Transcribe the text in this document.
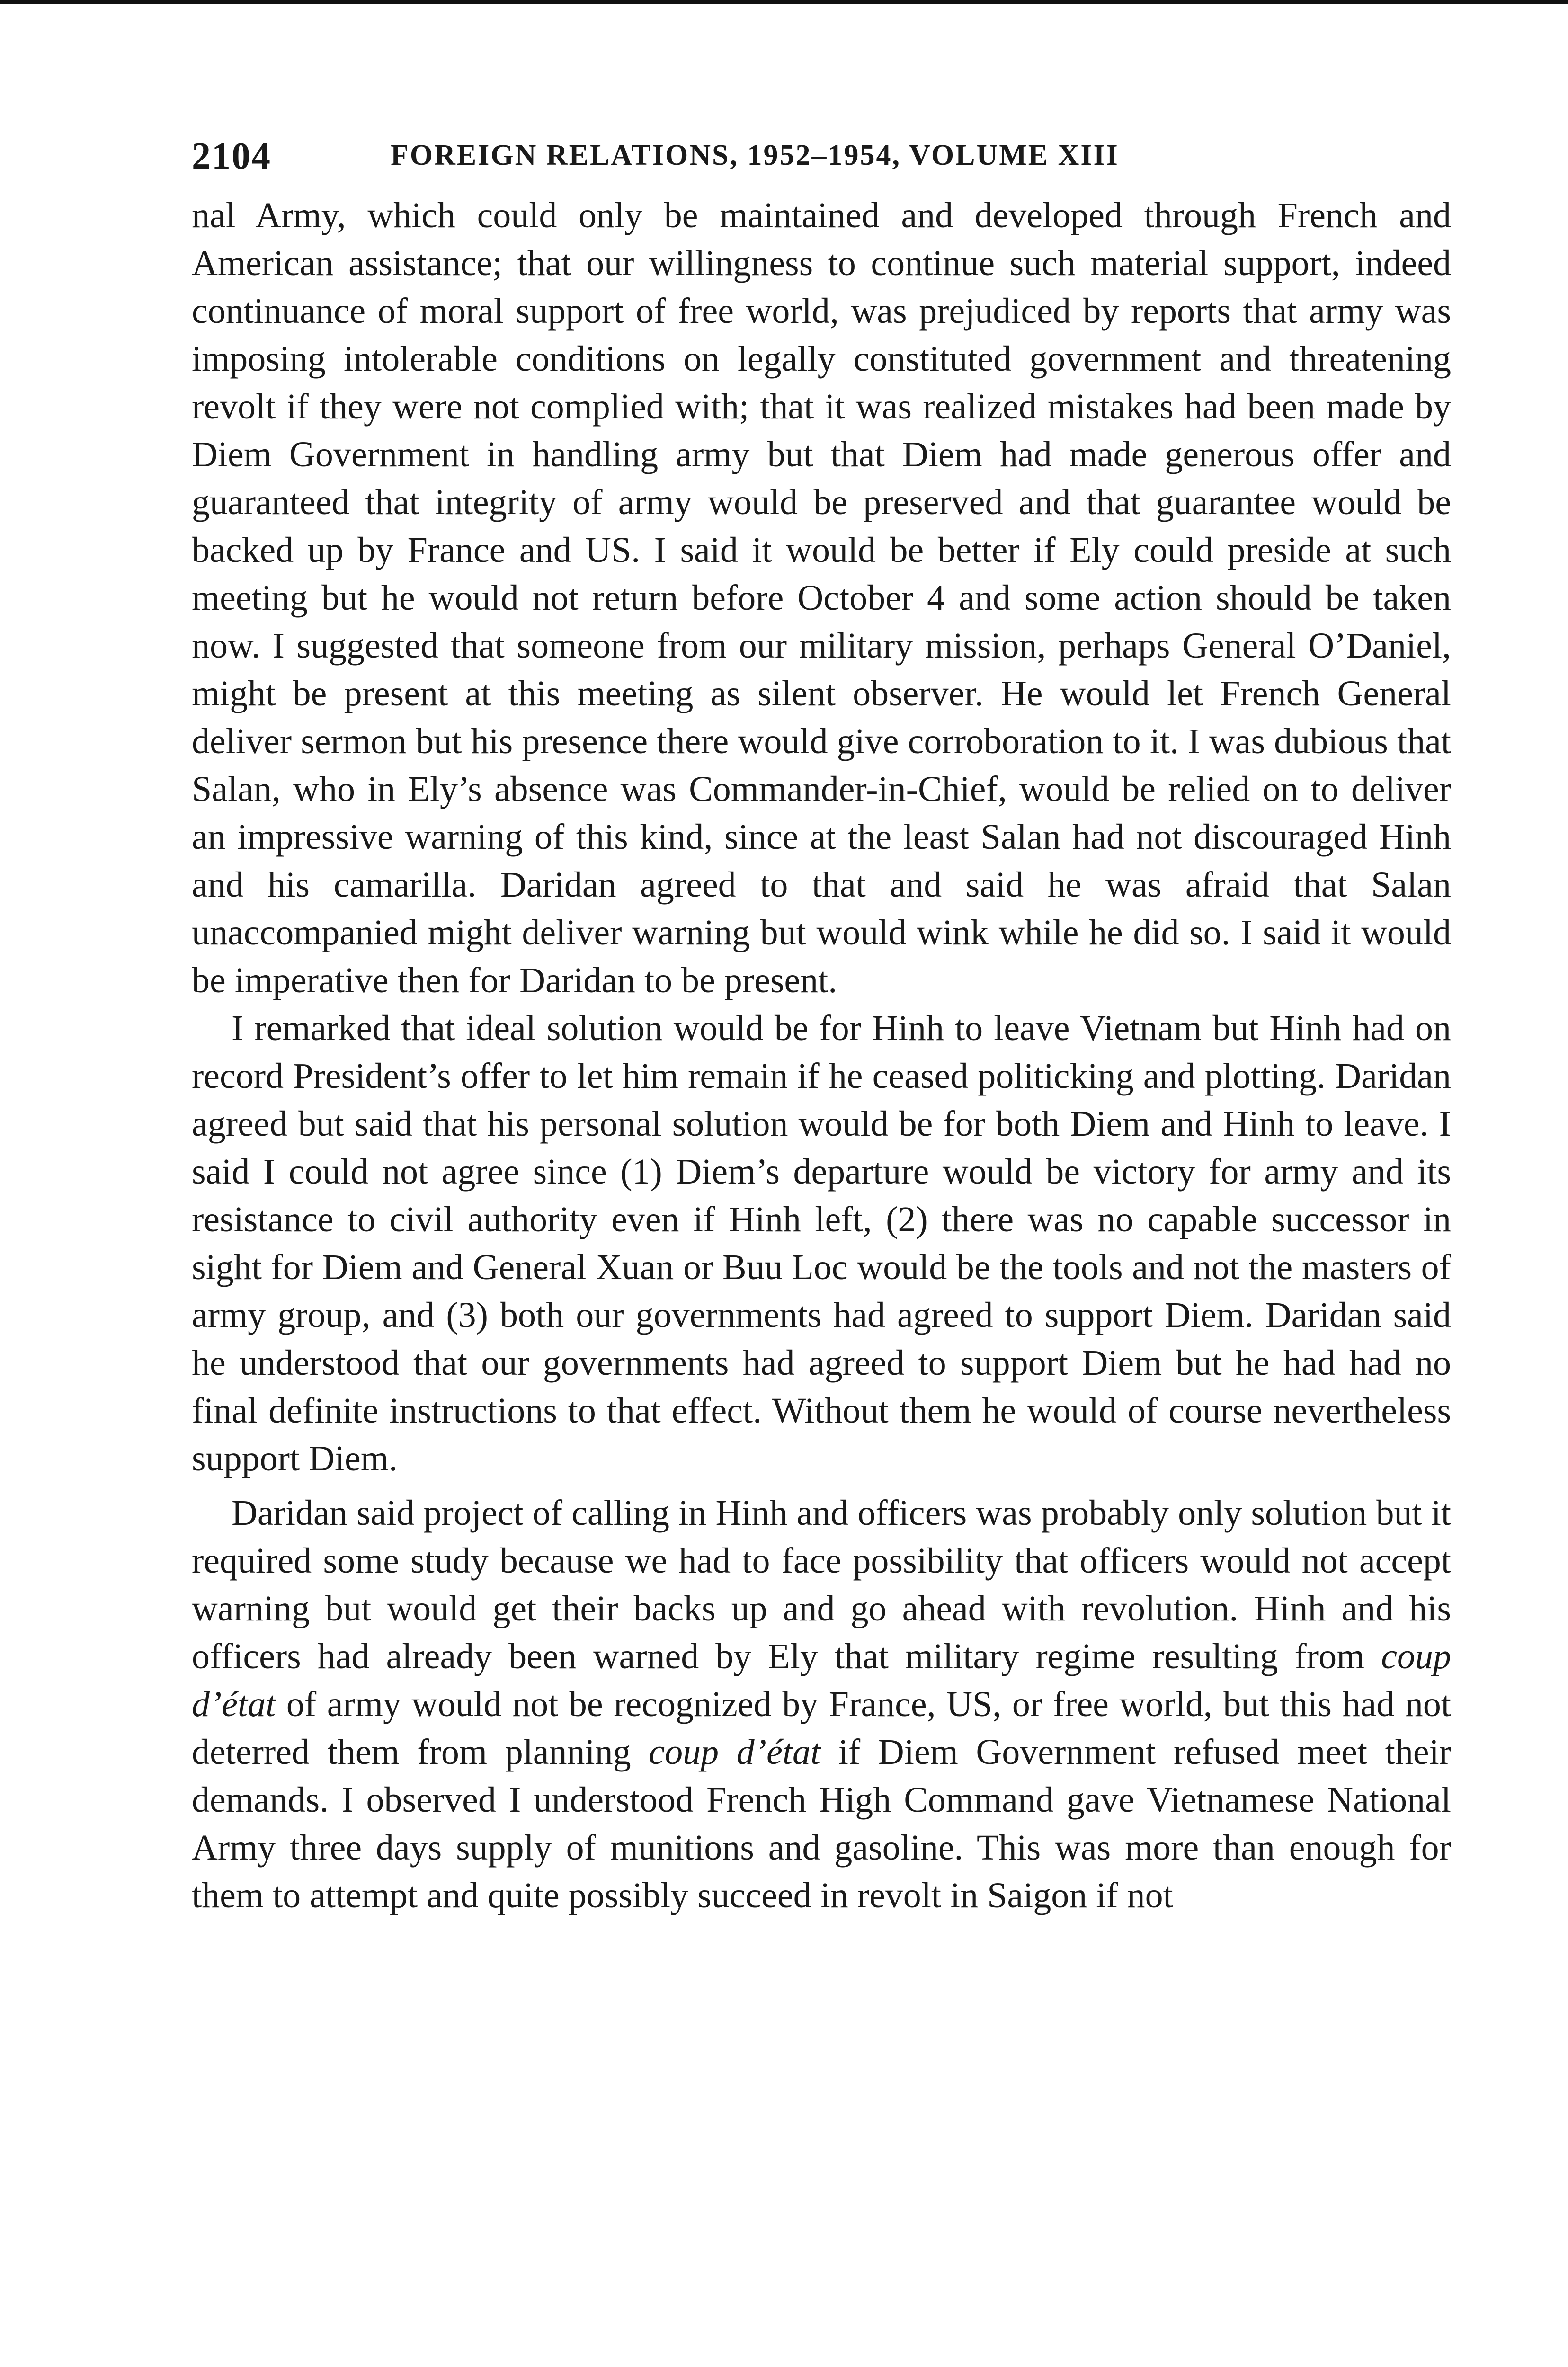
2104	FOREIGN RELATIONS, 1952–1954, VOLUME XIII

nal Army, which could only be maintained and developed through French and American assistance; that our willingness to continue such material support, indeed continuance of moral support of free world, was prejudiced by reports that army was imposing intolerable conditions on legally constituted government and threatening revolt if they were not complied with; that it was realized mistakes had been made by Diem Government in handling army but that Diem had made generous offer and guaranteed that integrity of army would be preserved and that guarantee would be backed up by France and US. I said it would be better if Ely could preside at such meeting but he would not return before October 4 and some action should be taken now. I suggested that someone from our military mission, perhaps General O’Daniel, might be present at this meeting as silent observer. He would let French General deliver sermon but his presence there would give corroboration to it. I was dubious that Salan, who in Ely’s absence was Commander-in-Chief, would be relied on to deliver an impressive warning of this kind, since at the least Salan had not discouraged Hinh and his camarilla. Daridan agreed to that and said he was afraid that Salan unaccompanied might deliver warning but would wink while he did so. I said it would be imperative then for Daridan to be present.

I remarked that ideal solution would be for Hinh to leave Vietnam but Hinh had on record President’s offer to let him remain if he ceased politicking and plotting. Daridan agreed but said that his personal solution would be for both Diem and Hinh to leave. I said I could not agree since (1) Diem’s departure would be victory for army and its resistance to civil authority even if Hinh left, (2) there was no capable successor in sight for Diem and General Xuan or Buu Loc would be the tools and not the masters of army group, and (3) both our governments had agreed to support Diem. Daridan said he understood that our governments had agreed to support Diem but he had had no final definite instructions to that effect. Without them he would of course nevertheless support Diem.

Daridan said project of calling in Hinh and officers was probably only solution but it required some study because we had to face possibility that officers would not accept warning but would get their backs up and go ahead with revolution. Hinh and his officers had already been warned by Ely that military regime resulting from coup d’état of army would not be recognized by France, US, or free world, but this had not deterred them from planning coup d’état if Diem Government refused meet their demands. I observed I understood French High Command gave Vietnamese National Army three days supply of munitions and gasoline. This was more than enough for them to attempt and quite possibly succeed in revolt in Saigon if not
